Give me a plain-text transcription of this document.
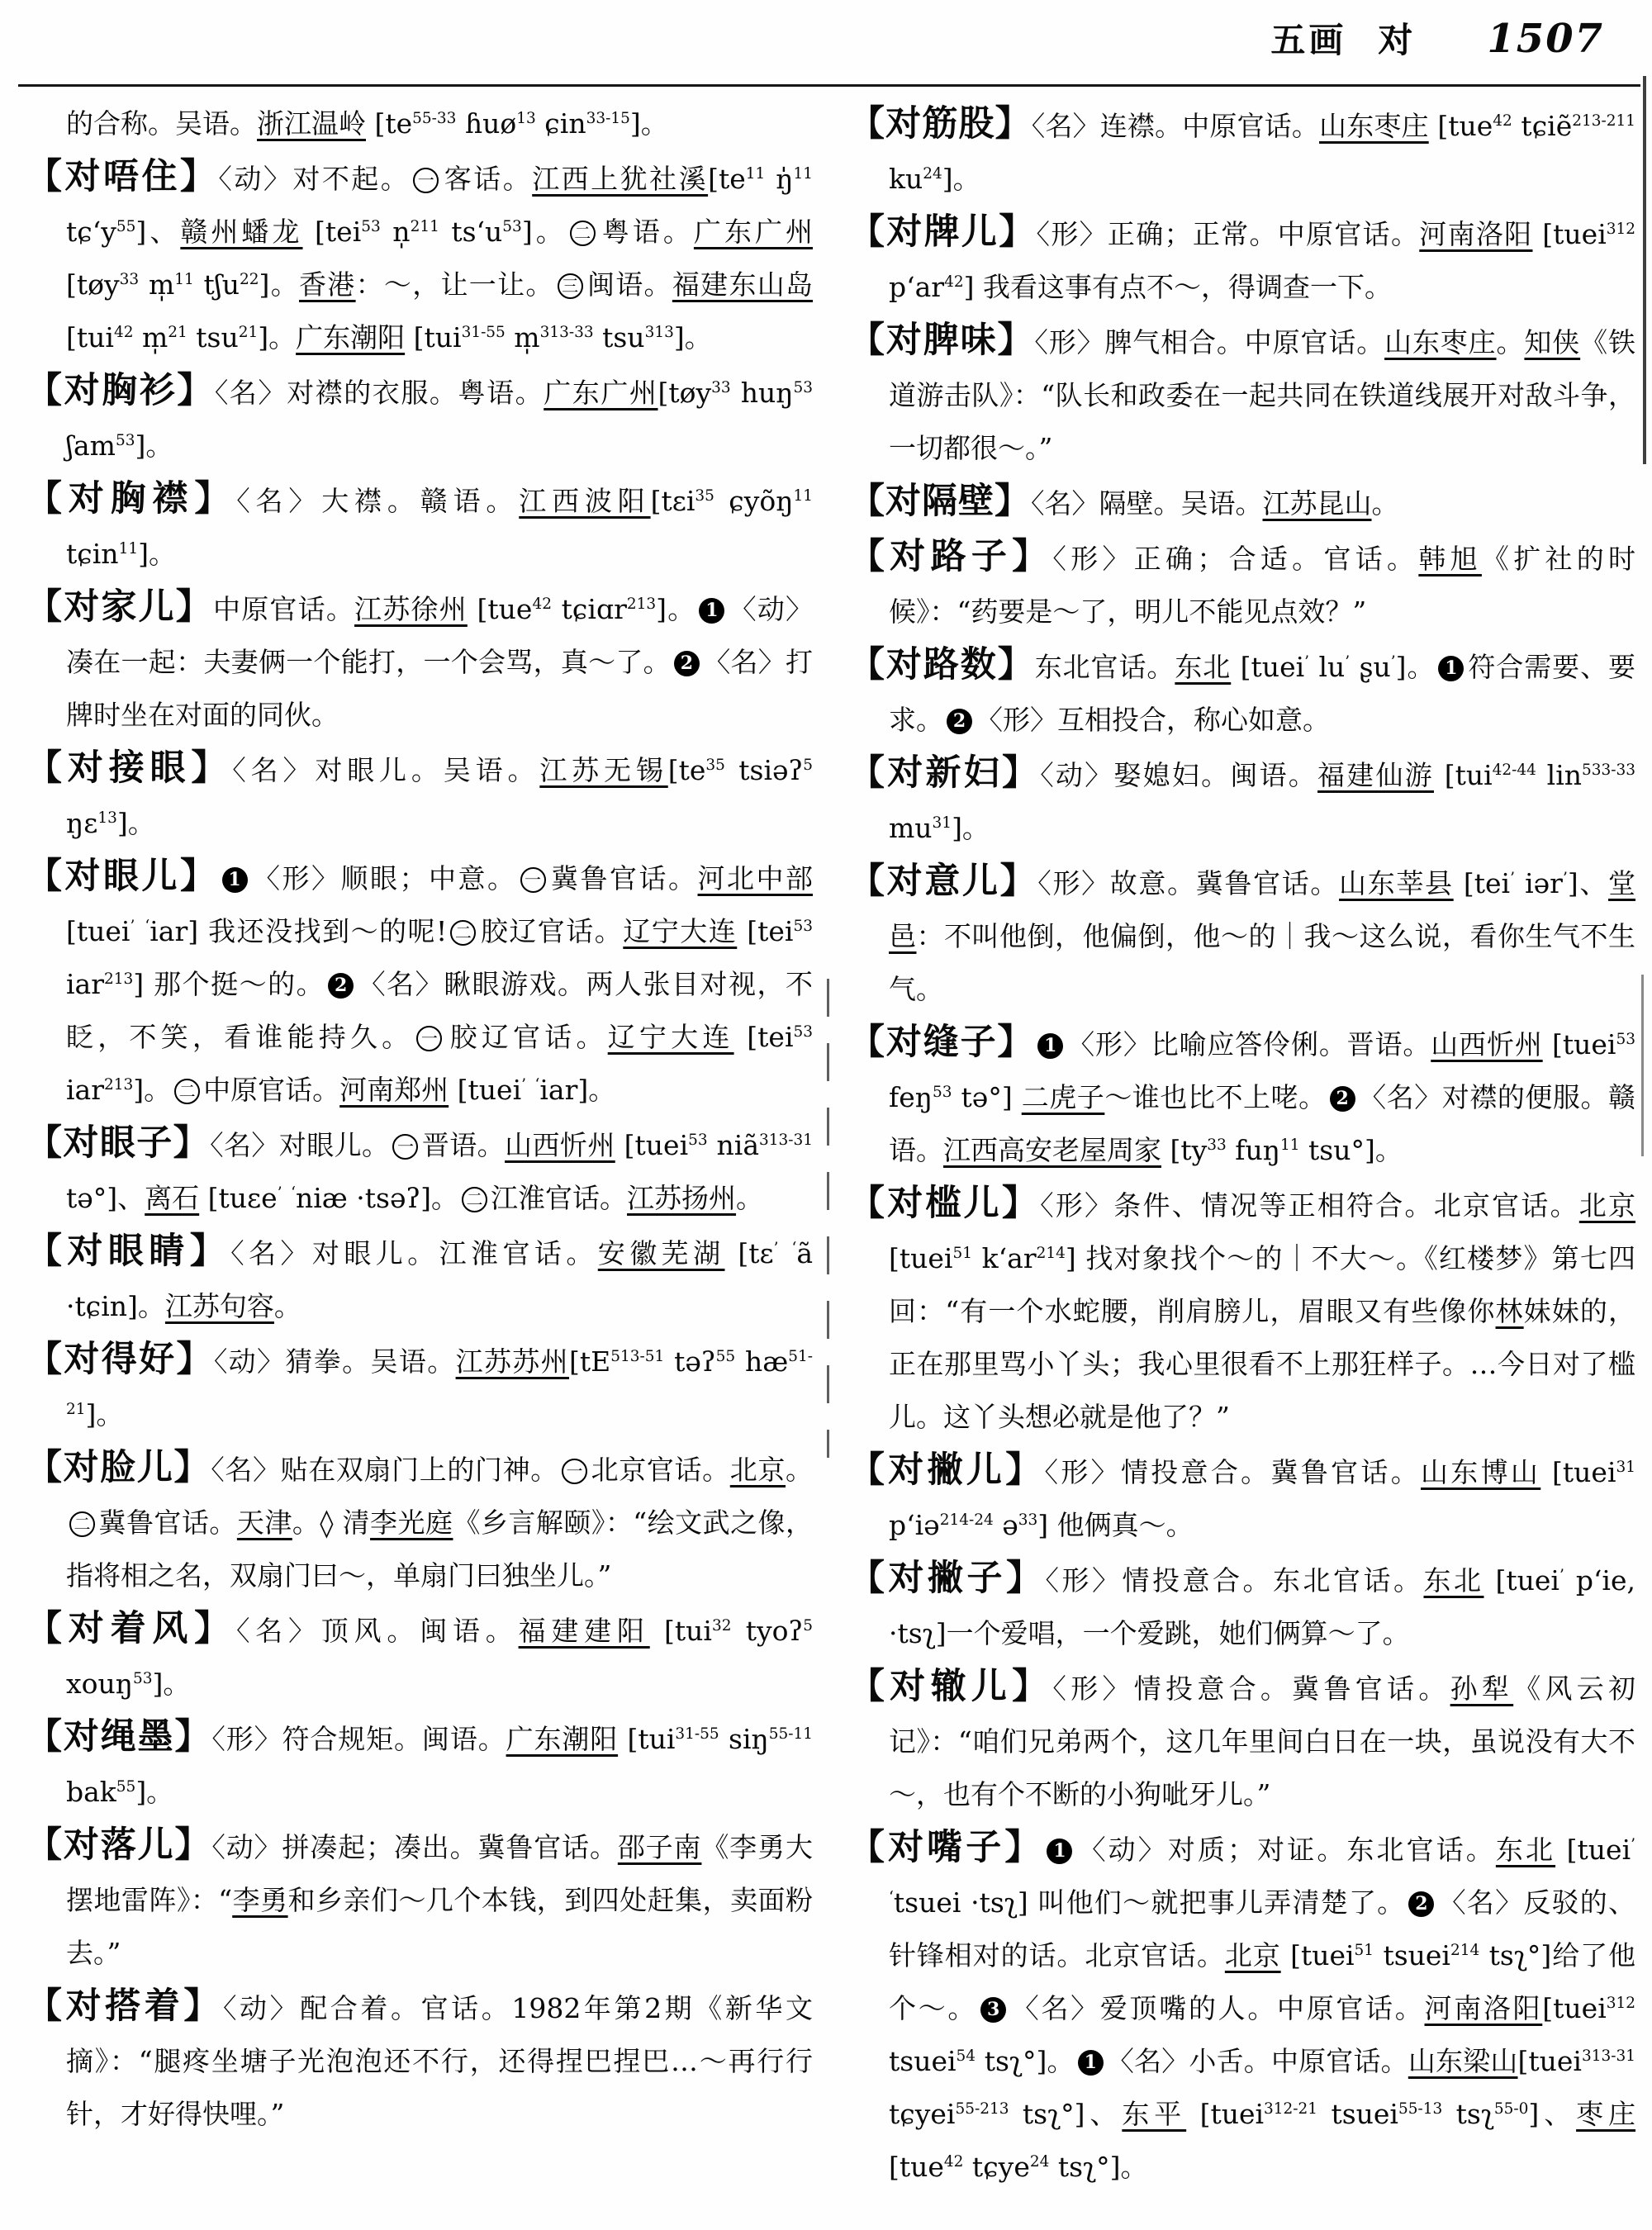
五画 对 1507

的合称。吴语。浙江温岭 [$te^{55-33}$ ɦuø$^{13}$ ɕin$^{33-15}$]。

【对唔住】〈动〉对不起。 一 客话。江西上犹社溪[$te^{11}$ ŋ̍$^{11}$ $tɕ‘y^{55}$]、赣州蟠龙 [tei$^{53}$ n̩$^{211}$ $ts‘u^{53}$]。 二 粤语。广东广州 [tøy$^{33}$ m̩$^{11}$ tʃu$^{22}$]。香港：～，让一让。 三 闽语。福建东山岛[tui$^{42}$ m̩$^{21}$ tsu$^{21}$]。广东潮阳 [tui$^{31-55}$ m̩$^{313-33}$ tsu$^{313}$]。

【对胸衫】〈名〉对襟的衣服。粤语。广东广州[tøy$^{33}$ huŋ$^{53}$ ʃam$^{53}$]。

【对胸襟】〈名〉大襟。赣语。江西波阳[tɛi$^{35}$ ɕyõŋ$^{11}$ tɕin$^{11}$]。

【对家儿】中原官话。江苏徐州 [tue$^{42}$ tɕiɑr$^{213}$]。 1 〈动〉凑在一起：夫妻俩一个能打，一个会骂，真～了。 2 〈名〉打牌时坐在对面的同伙。

【对接眼】〈名〉对眼儿。吴语。江苏无锡[$te^{35}$ tsiəʔ$^5$ ŋɛ$^{13}$]。

【对眼儿】 1 〈形〉顺眼；中意。 一 冀鲁官话。河北中部 [tuei’ ‘iar] 我还没找到～的呢! 二 胶辽官话。辽宁大连 [tei$^{53}$ iar$^{213}$] 那个挺～的。 2 〈名〉瞅眼游戏。两人张目对视，不眨，不笑，看谁能持久。 一 胶辽官话。辽宁大连 [tei$^{53}$ iar$^{213}$]。 二 中原官话。河南郑州 [tuei’ ‘iar]。

【对眼子】〈名〉对眼儿。 一 晋语。山西忻州 [tuei$^{53}$ niã$^{313-31}$ tə°]、离石 [tuɛe’ ‘niæ ·tsəʔ]。 二 江淮官话。江苏扬州。

【对眼睛】〈名〉对眼儿。江淮官话。安徽芜湖 [tɛ’ ‘ã ·tɕin]。江苏句容。

【对得好】〈动〉猜拳。吴语。江苏苏州[$tE^{513-51}$ təʔ$^{55}$ $hæ^{51-21}$]。

【对脸儿】〈名〉贴在双扇门上的门神。 一 北京官话。北京。二 冀鲁官话。天津。◊ 清李光庭《乡言解颐》：“绘文武之像，指将相之名，双扇门曰～，单扇门曰独坐儿。”

【对着风】〈名〉顶风。闽语。福建建阳 [tui$^{32}$ tyoʔ$^5$ xouŋ$^{53}$]。

【对绳墨】〈形〉符合规矩。闽语。广东潮阳 [tui$^{31-55}$ siŋ$^{55-11}$ bak$^{55}$]。

【对落儿】〈动〉拼凑起；凑出。冀鲁官话。邵子南《李勇大摆地雷阵》：“李勇和乡亲们～几个本钱，到四处赶集，卖面粉去。”

【对搭着】〈动〉配合着。官话。1982年第2期《新华文摘》：“腿疼坐塘子光泡泡还不行，还得捏巴捏巴…～再行行针，才好得快哩。”

【对筋股】〈名〉连襟。中原官话。山东枣庄 [tue$^{42}$ tɕiẽ$^{213-211}$ $ku^{24}$]。

【对牌儿】〈形〉正确；正常。中原官话。河南洛阳 [tuei$^{312}$ $p‘ar^{42}$] 我看这事有点不～，得调查一下。

【对脾味】〈形〉脾气相合。中原官话。山东枣庄。知侠《铁道游击队》：“队长和政委在一起共同在铁道线展开对敌斗争，一切都很～。”

【对隔壁】〈名〉隔壁。吴语。江苏昆山。

【对路子】〈形〉正确；合适。官话。韩旭《扩社的时候》：“药要是～了，明儿不能见点效？”

【对路数】东北官话。东北 [tuei’ lu’ ʂu’]。 1 符合需要、要求。 2 〈形〉互相投合，称心如意。

【对新妇】〈动〉娶媳妇。闽语。福建仙游 [tui$^{42-44}$ lin$^{533-33}$ $mu^{31}$]。

【对意儿】〈形〉故意。冀鲁官话。山东莘县 [tei’ iər’]、堂邑：不叫他倒，他偏倒，他～的｜我～这么说，看你生气不生气。

【对缝子】 1 〈形〉比喻应答伶俐。晋语。山西忻州 [tuei$^{53}$ feŋ$^{53}$ tə°] 二虎子～谁也比不上咾。 2 〈名〉对襟的便服。赣语。江西高安老屋周家 [$ty^{33}$ fuŋ$^{11}$ tsu°]。

【对槛儿】〈形〉条件、情况等正相符合。北京官话。北京 [tuei$^{51}$ $k‘ar^{214}$] 找对象找个～的｜不大～。《红楼梦》第七四回：“有一个水蛇腰，削肩膀儿，眉眼又有些像你林妹妹的，正在那里骂小丫头；我心里很看不上那狂样子。…今日对了槛儿。这丫头想必就是他了？”

【对撇儿】〈形〉情投意合。冀鲁官话。山东博山 [tuei$^{31}$ p‘iə$^{214-24}$ ə$^{33}$] 他俩真～。

【对撇子】〈形〉情投意合。东北官话。东北 [tuei’ p‘ie, ·tsʅ]一个爱唱，一个爱跳，她们俩算～了。

【对辙儿】〈形〉情投意合。冀鲁官话。孙犁《风云初记》：“咱们兄弟两个，这几年里间白日在一块，虽说没有大不～，也有个不断的小狗呲牙儿。”

【对嘴子】 1 〈动〉对质；对证。东北官话。东北 [tuei’ ‘tsuei ·tsʅ] 叫他们～就把事儿弄清楚了。 2 〈名〉反驳的、针锋相对的话。北京官话。北京 [tuei$^{51}$ tsuei$^{214}$ tsʅ°]给了他个～。 3 〈名〉爱顶嘴的人。中原官话。河南洛阳[tuei$^{312}$ tsuei$^{54}$ tsʅ°]。 1 〈名〉小舌。中原官话。山东梁山[tuei$^{313-31}$ tɕyei$^{55-213}$ tsʅ°]、东平 [tuei$^{312-21}$ tsuei$^{55-13}$ tsʅ$^{55-0}$]、枣庄 [tue$^{42}$ tɕye$^{24}$ tsʅ°]。
